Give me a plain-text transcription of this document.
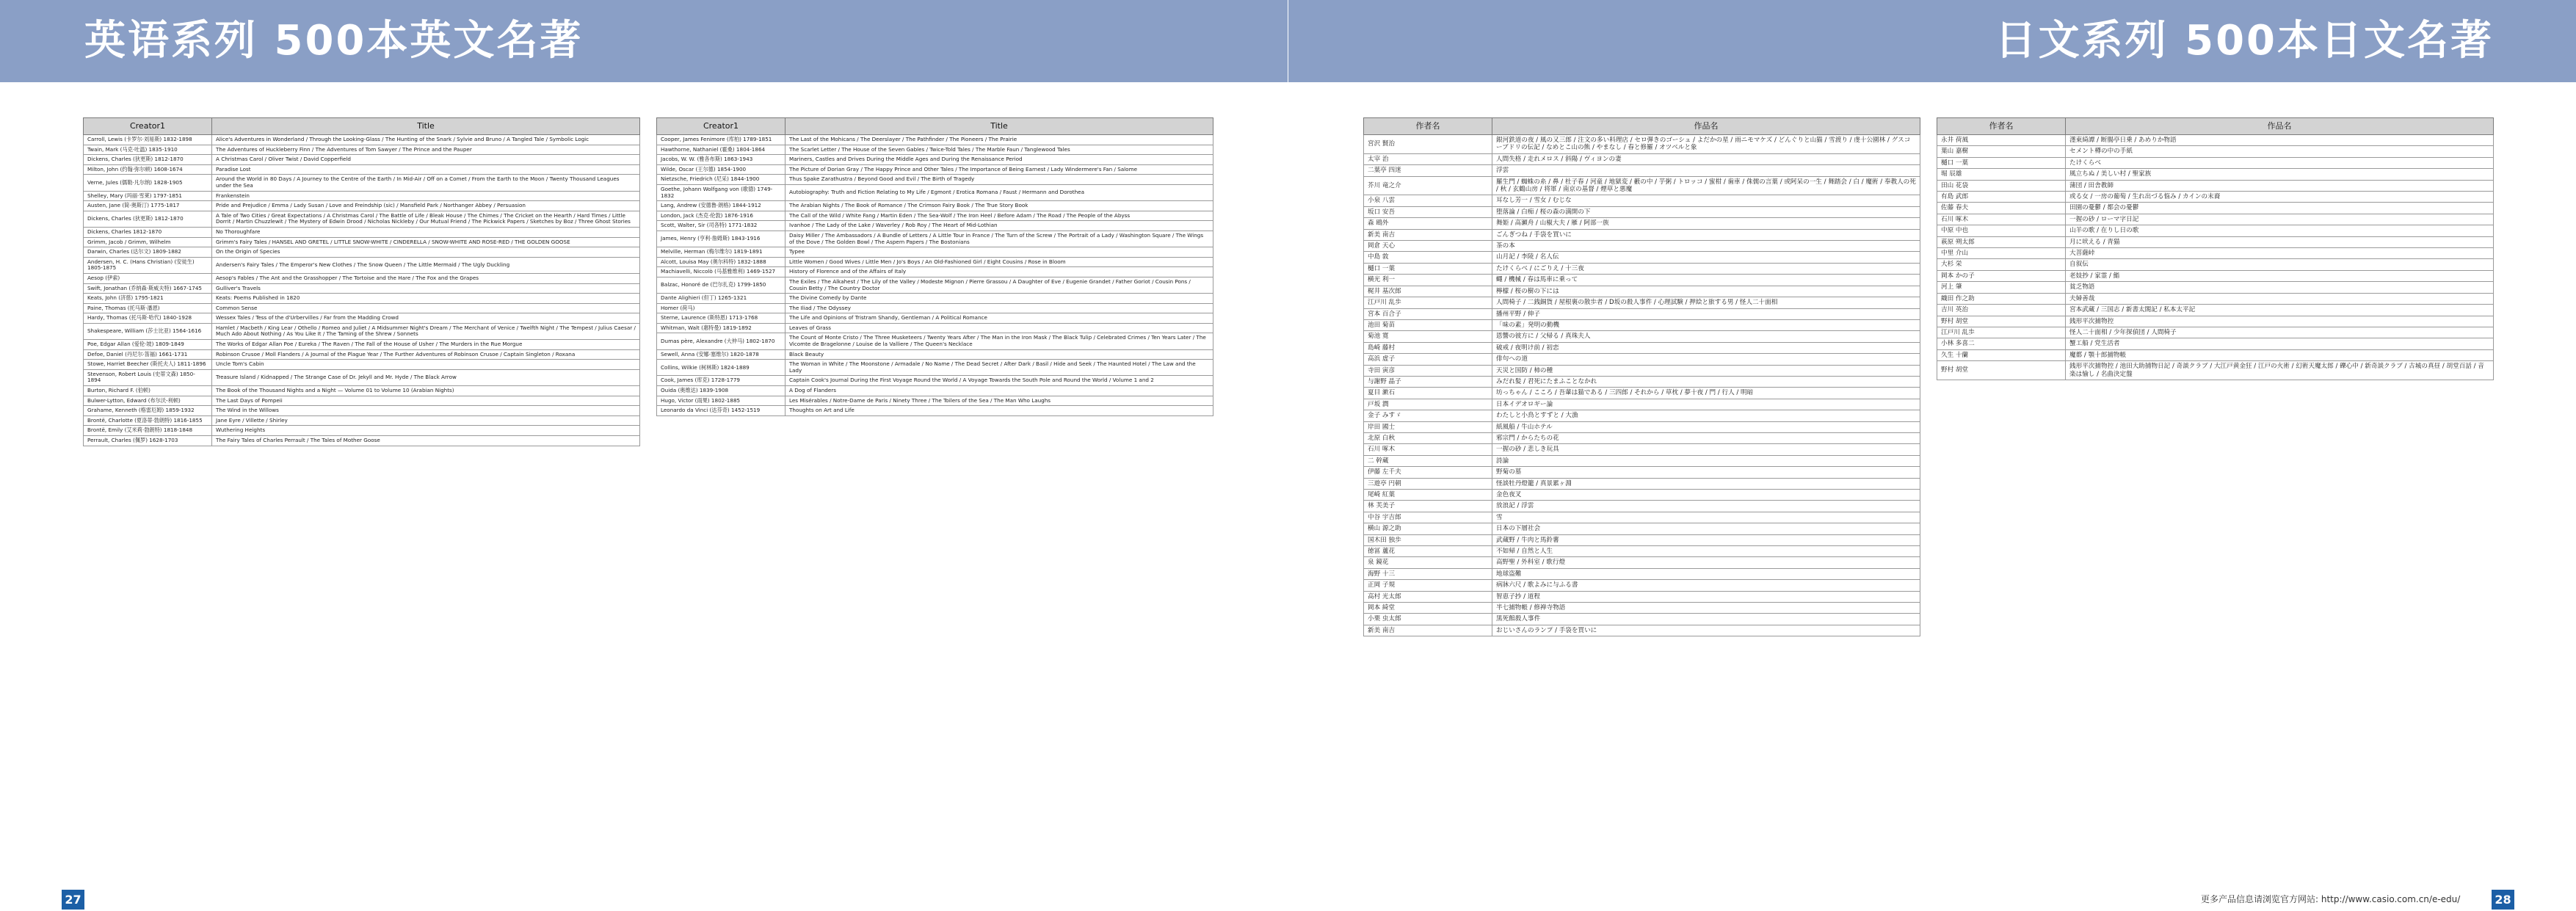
英语系列 500本英文名著	日文系列 500本日文名著
Creator1	Title
Carroll, Lewis (卡罗尔·刘易斯) 1832-1898	Alice's Adventures in Wonderland / Through the Looking-Glass / The Hunting of the Snark / Sylvie and Bruno / A Tangled Tale / Symbolic Logic
Twain, Mark (马克·吐温) 1835-1910	The Adventures of Huckleberry Finn / The Adventures of Tom Sawyer / The Prince and the Pauper
Dickens, Charles (狄更斯) 1812-1870	A Christmas Carol / Oliver Twist / David Copperfield
Milton, John (约翰·弥尔顿) 1608-1674	Paradise Lost
Verne, Jules (儒勒·凡尔纳) 1828-1905	Around the World in 80 Days / A Journey to the Centre of the Earth / In Mid-Air / Off on a Comet / From the Earth to the Moon / Twenty Thousand Leagues under the Sea
Shelley, Mary (玛丽·雪莱) 1797-1851	Frankenstein
Austen, Jane (简·奥斯汀) 1775-1817	Pride and Prejudice / Emma / Lady Susan / Love and Freindship (sic) / Mansfield Park / Northanger Abbey / Persuasion
Dickens, Charles (狄更斯) 1812-1870	A Tale of Two Cities / Great Expectations / A Christmas Carol / The Battle of Life / Bleak House / The Chimes / The Cricket on the Hearth / Hard Times / Little Dorrit / Martin Chuzzlewit / The Mystery of Edwin Drood / Nicholas Nickleby / Our Mutual Friend / The Pickwick Papers / Sketches by Boz / Three Ghost Stories
Dickens, Charles 1812-1870	No Thoroughfare
Grimm, Jacob / Grimm, Wilhelm	Grimm's Fairy Tales / HANSEL AND GRETEL / LITTLE SNOW-WHITE / CINDERELLA / SNOW-WHITE AND ROSE-RED / THE GOLDEN GOOSE
Darwin, Charles (达尔文) 1809-1882	On the Origin of Species
Andersen, H. C. (Hans Christian) (安徒生) 1805-1875	Andersen's Fairy Tales / The Emperor's New Clothes / The Snow Queen / The Little Mermaid / The Ugly Duckling
Aesop (伊索)	Aesop's Fables / The Ant and the Grasshopper / The Tortoise and the Hare / The Fox and the Grapes
Swift, Jonathan (乔纳森·斯威夫特) 1667-1745	Gulliver's Travels
Keats, John (济慈) 1795-1821	Keats: Poems Published in 1820
Paine, Thomas (托马斯·潘恩)	Common Sense
Hardy, Thomas (托马斯·哈代) 1840-1928	Wessex Tales / Tess of the d'Urbervilles / Far from the Madding Crowd
Shakespeare, William (莎士比亚) 1564-1616	Hamlet / Macbeth / King Lear / Othello / Romeo and Juliet / A Midsummer Night's Dream / The Merchant of Venice / Twelfth Night / The Tempest / Julius Caesar / Much Ado About Nothing / As You Like It / The Taming of the Shrew / Sonnets
Poe, Edgar Allan (爱伦·坡) 1809-1849	The Works of Edgar Allan Poe / Eureka / The Raven / The Fall of the House of Usher / The Murders in the Rue Morgue
Defoe, Daniel (丹尼尔·笛福) 1661-1731	Robinson Crusoe / Moll Flanders / A Journal of the Plague Year / The Further Adventures of Robinson Crusoe / Captain Singleton / Roxana
Stowe, Harriet Beecher (斯托夫人) 1811-1896	Uncle Tom's Cabin
Stevenson, Robert Louis (史蒂文森) 1850-1894	Treasure Island / Kidnapped / The Strange Case of Dr. Jekyll and Mr. Hyde / The Black Arrow
Burton, Richard F. (伯顿)	The Book of the Thousand Nights and a Night — Volume 01 to Volume 10 (Arabian Nights)
Bulwer-Lytton, Edward (布尔沃-利顿)	The Last Days of Pompeii
Grahame, Kenneth (格雷厄姆) 1859-1932	The Wind in the Willows
Brontë, Charlotte (夏洛蒂·勃朗特) 1816-1855	Jane Eyre / Villette / Shirley
Brontë, Emily (艾米莉·勃朗特) 1818-1848	Wuthering Heights
Perrault, Charles (佩罗) 1628-1703	The Fairy Tales of Charles Perrault / The Tales of Mother Goose
Creator1	Title
Cooper, James Fenimore (库柏) 1789-1851	The Last of the Mohicans / The Deerslayer / The Pathfinder / The Pioneers / The Prairie
Hawthorne, Nathaniel (霍桑) 1804-1864	The Scarlet Letter / The House of the Seven Gables / Twice-Told Tales / The Marble Faun / Tanglewood Tales
Jacobs, W. W. (雅各布斯) 1863-1943	Mariners, Castles and Drives During the Middle Ages and During the Renaissance Period
Wilde, Oscar (王尔德) 1854-1900	The Picture of Dorian Gray / The Happy Prince and Other Tales / The Importance of Being Earnest / Lady Windermere's Fan / Salome
Nietzsche, Friedrich (尼采) 1844-1900	Thus Spake Zarathustra / Beyond Good and Evil / The Birth of Tragedy
Goethe, Johann Wolfgang von (歌德) 1749-1832	Autobiography: Truth and Fiction Relating to My Life / Egmont / Erotica Romana / Faust / Hermann and Dorothea
Lang, Andrew (安德鲁·朗格) 1844-1912	The Arabian Nights / The Book of Romance / The Crimson Fairy Book / The True Story Book
London, Jack (杰克·伦敦) 1876-1916	The Call of the Wild / White Fang / Martin Eden / The Sea-Wolf / The Iron Heel / Before Adam / The Road / The People of the Abyss
Scott, Walter, Sir (司各特) 1771-1832	Ivanhoe / The Lady of the Lake / Waverley / Rob Roy / The Heart of Mid-Lothian
James, Henry (亨利·詹姆斯) 1843-1916	Daisy Miller / The Ambassadors / A Bundle of Letters / A Little Tour in France / The Turn of the Screw / The Portrait of a Lady / Washington Square / The Wings of the Dove / The Golden Bowl / The Aspern Papers / The Bostonians
Melville, Herman (梅尔维尔) 1819-1891	Typee
Alcott, Louisa May (奥尔科特) 1832-1888	Little Women / Good Wives / Little Men / Jo's Boys / An Old-Fashioned Girl / Eight Cousins / Rose in Bloom
Machiavelli, Niccolò (马基雅维利) 1469-1527	History of Florence and of the Affairs of Italy
Balzac, Honoré de (巴尔扎克) 1799-1850	The Exiles / The Alkahest / The Lily of the Valley / Modeste Mignon / Pierre Grassou / A Daughter of Eve / Eugenie Grandet / Father Goriot / Cousin Pons / Cousin Betty / The Country Doctor
Dante Alighieri (但丁) 1265-1321	The Divine Comedy by Dante
Homer (荷马)	The Iliad / The Odyssey
Sterne, Laurence (斯特恩) 1713-1768	The Life and Opinions of Tristram Shandy, Gentleman / A Political Romance
Whitman, Walt (惠特曼) 1819-1892	Leaves of Grass
Dumas père, Alexandre (大仲马) 1802-1870	The Count of Monte Cristo / The Three Musketeers / Twenty Years After / The Man in the Iron Mask / The Black Tulip / Celebrated Crimes / Ten Years Later / The Vicomte de Bragelonne / Louise de la Valliere / The Queen's Necklace
Sewell, Anna (安娜·塞维尔) 1820-1878	Black Beauty
Collins, Wilkie (柯林斯) 1824-1889	The Woman in White / The Moonstone / Armadale / No Name / The Dead Secret / After Dark / Basil / Hide and Seek / The Haunted Hotel / The Law and the Lady
Cook, James (库克) 1728-1779	Captain Cook's Journal During the First Voyage Round the World / A Voyage Towards the South Pole and Round the World / Volume 1 and 2
Ouida (奥维达) 1839-1908	A Dog of Flanders
Hugo, Victor (雨果) 1802-1885	Les Misérables / Notre-Dame de Paris / Ninety Three / The Toilers of the Sea / The Man Who Laughs
Leonardo da Vinci (达芬奇) 1452-1519	Thoughts on Art and Life
作者名	作品名
宮沢 賢治	銀河鉄道の夜 / 風の又三郎 / 注文の多い料理店 / セロ弾きのゴーシュ / よだかの星 / 雨ニモマケズ / どんぐりと山猫 / 雪渡り / 虔十公園林 / グスコーブドリの伝記 / なめとこ山の熊 / やまなし / 春と修羅 / オツベルと象
太宰 治	人間失格 / 走れメロス / 斜陽 / ヴィヨンの妻
二葉亭 四迷	浮雲
芥川 竜之介	羅生門 / 蜘蛛の糸 / 鼻 / 杜子春 / 河童 / 地獄変 / 藪の中 / 芋粥 / トロッコ / 蜜柑 / 歯車 / 侏儒の言葉 / 或阿呆の一生 / 舞踏会 / 白 / 魔術 / 奉教人の死 / 秋 / 玄鶴山房 / 将軍 / 南京の基督 / 煙草と悪魔
小泉 八雲	耳なし芳一 / 雪女 / むじな
坂口 安吾	堕落論 / 白痴 / 桜の森の満開の下
森 鴎外	舞姫 / 高瀬舟 / 山椒大夫 / 雁 / 阿部一族
新美 南吉	ごんぎつね / 手袋を買いに
岡倉 天心	茶の本
中島 敦	山月記 / 李陵 / 名人伝
樋口 一葉	たけくらべ / にごりえ / 十三夜
横光 利一	蠅 / 機械 / 春は馬車に乗って
梶井 基次郎	檸檬 / 桜の樹の下には
江戸川 乱歩	人間椅子 / 二銭銅貨 / 屋根裏の散歩者 / D坂の殺人事件 / 心理試験 / 押絵と旅する男 / 怪人二十面相
宮本 百合子	播州平野 / 伸子
池田 菊苗	「味の素」発明の動機
菊池 寛	恩讐の彼方に / 父帰る / 真珠夫人
島崎 藤村	破戒 / 夜明け前 / 初恋
高浜 虚子	俳句への道
寺田 寅彦	天災と国防 / 柿の種
与謝野 晶子	みだれ髪 / 君死にたまふことなかれ
夏目 漱石	坊っちゃん / こころ / 吾輩は猫である / 三四郎 / それから / 草枕 / 夢十夜 / 門 / 行人 / 明暗
戸坂 潤	日本イデオロギー論
金子 みすゞ	わたしと小鳥とすずと / 大漁
岸田 國士	紙風船 / 牛山ホテル
北原 白秋	邪宗門 / からたちの花
石川 啄木	一握の砂 / 悲しき玩具
二 幹蔵	詩論
伊藤 左千夫	野菊の墓
三遊亭 円朝	怪談牡丹燈籠 / 真景累ヶ淵
尾崎 紅葉	金色夜叉
林 芙美子	放浪記 / 浮雲
中谷 宇吉郎	雪
横山 源之助	日本の下層社会
国木田 独歩	武蔵野 / 牛肉と馬鈴薯
徳冨 蘆花	不如帰 / 自然と人生
泉 鏡花	高野聖 / 外科室 / 歌行燈
海野 十三	地球盗難
正岡 子規	病牀六尺 / 歌よみに与ふる書
高村 光太郎	智恵子抄 / 道程
岡本 綺堂	半七捕物帳 / 修禅寺物語
小栗 虫太郎	黒死館殺人事件
新美 南吉	おじいさんのランプ / 手袋を買いに
作者名	作品名
永井 荷風	濹東綺譚 / 断腸亭日乗 / あめりか物語
葉山 嘉樹	セメント樽の中の手紙
樋口 一葉	たけくらべ
堀 辰雄	風立ちぬ / 美しい村 / 聖家族
田山 花袋	蒲団 / 田舎教師
有島 武郎	或る女 / 一房の葡萄 / 生れ出づる悩み / カインの末裔
佐藤 春夫	田園の憂鬱 / 都会の憂鬱
石川 啄木	一握の砂 / ローマ字日記
中原 中也	山羊の歌 / 在りし日の歌
萩原 朔太郎	月に吠える / 青猫
中里 介山	大菩薩峠
大杉 栄	自叙伝
岡本 かの子	老妓抄 / 家霊 / 鮨
河上 肇	貧乏物語
織田 作之助	夫婦善哉
吉川 英治	宮本武蔵 / 三国志 / 新書太閤記 / 私本太平記
野村 胡堂	銭形平次捕物控
江戸川 乱歩	怪人二十面相 / 少年探偵団 / 人間椅子
小林 多喜二	蟹工船 / 党生活者
久生 十蘭	魔都 / 顎十郎捕物帳
野村 胡堂	銭形平次捕物控 / 池田大助捕物日記 / 奇談クラブ / 大江戸黄金狂 / 江戸の火術 / 幻術天魔太郎 / 礫心中 / 新奇談クラブ / 古城の真昼 / 胡堂百話 / 音楽は愉し / 名曲決定盤
27	28
更多产品信息请浏览官方网站: http://www.casio.com.cn/e-edu/
